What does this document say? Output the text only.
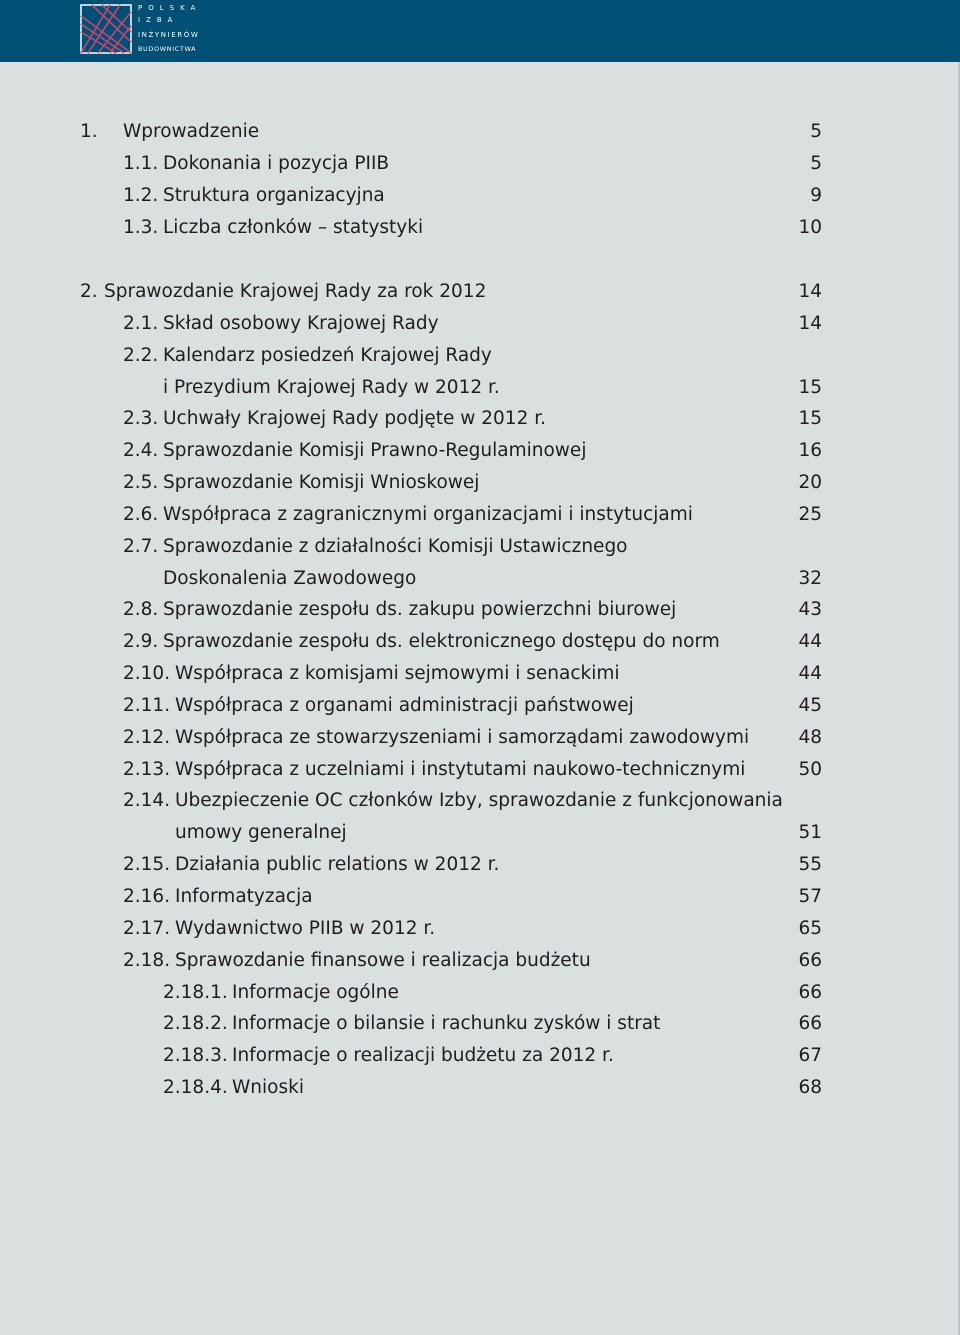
POLSKA
IZBA
INŻYNIERÓW
BUDOWNICTWA
1. Wprowadzenie	5
1.1. Dokonania i pozycja PIIB	5
1.2. Struktura organizacyjna	9
1.3. Liczba członków – statystyki	10
2. Sprawozdanie Krajowej Rady za rok 2012	14
2.1. Skład osobowy Krajowej Rady	14
2.2. Kalendarz posiedzeń Krajowej Rady
i Prezydium Krajowej Rady w 2012 r.	15
2.3. Uchwały Krajowej Rady podjęte w 2012 r.	15
2.4. Sprawozdanie Komisji Prawno-Regulaminowej	16
2.5. Sprawozdanie Komisji Wnioskowej	20
2.6. Współpraca z zagranicznymi organizacjami i instytucjami	25
2.7. Sprawozdanie z działalności Komisji Ustawicznego
Doskonalenia Zawodowego	32
2.8. Sprawozdanie zespołu ds. zakupu powierzchni biurowej	43
2.9. Sprawozdanie zespołu ds. elektronicznego dostępu do norm	44
2.10. Współpraca z komisjami sejmowymi i senackimi	44
2.11. Współpraca z organami administracji państwowej	45
2.12. Współpraca ze stowarzyszeniami i samorządami zawodowymi	48
2.13. Współpraca z uczelniami i instytutami naukowo-technicznymi	50
2.14. Ubezpieczenie OC członków Izby, sprawozdanie z funkcjonowania
umowy generalnej	51
2.15. Działania public relations w 2012 r.	55
2.16. Informatyzacja	57
2.17. Wydawnictwo PIIB w 2012 r.	65
2.18. Sprawozdanie finansowe i realizacja budżetu	66
2.18.1. Informacje ogólne	66
2.18.2. Informacje o bilansie i rachunku zysków i strat	66
2.18.3. Informacje o realizacji budżetu za 2012 r.	67
2.18.4. Wnioski	68
